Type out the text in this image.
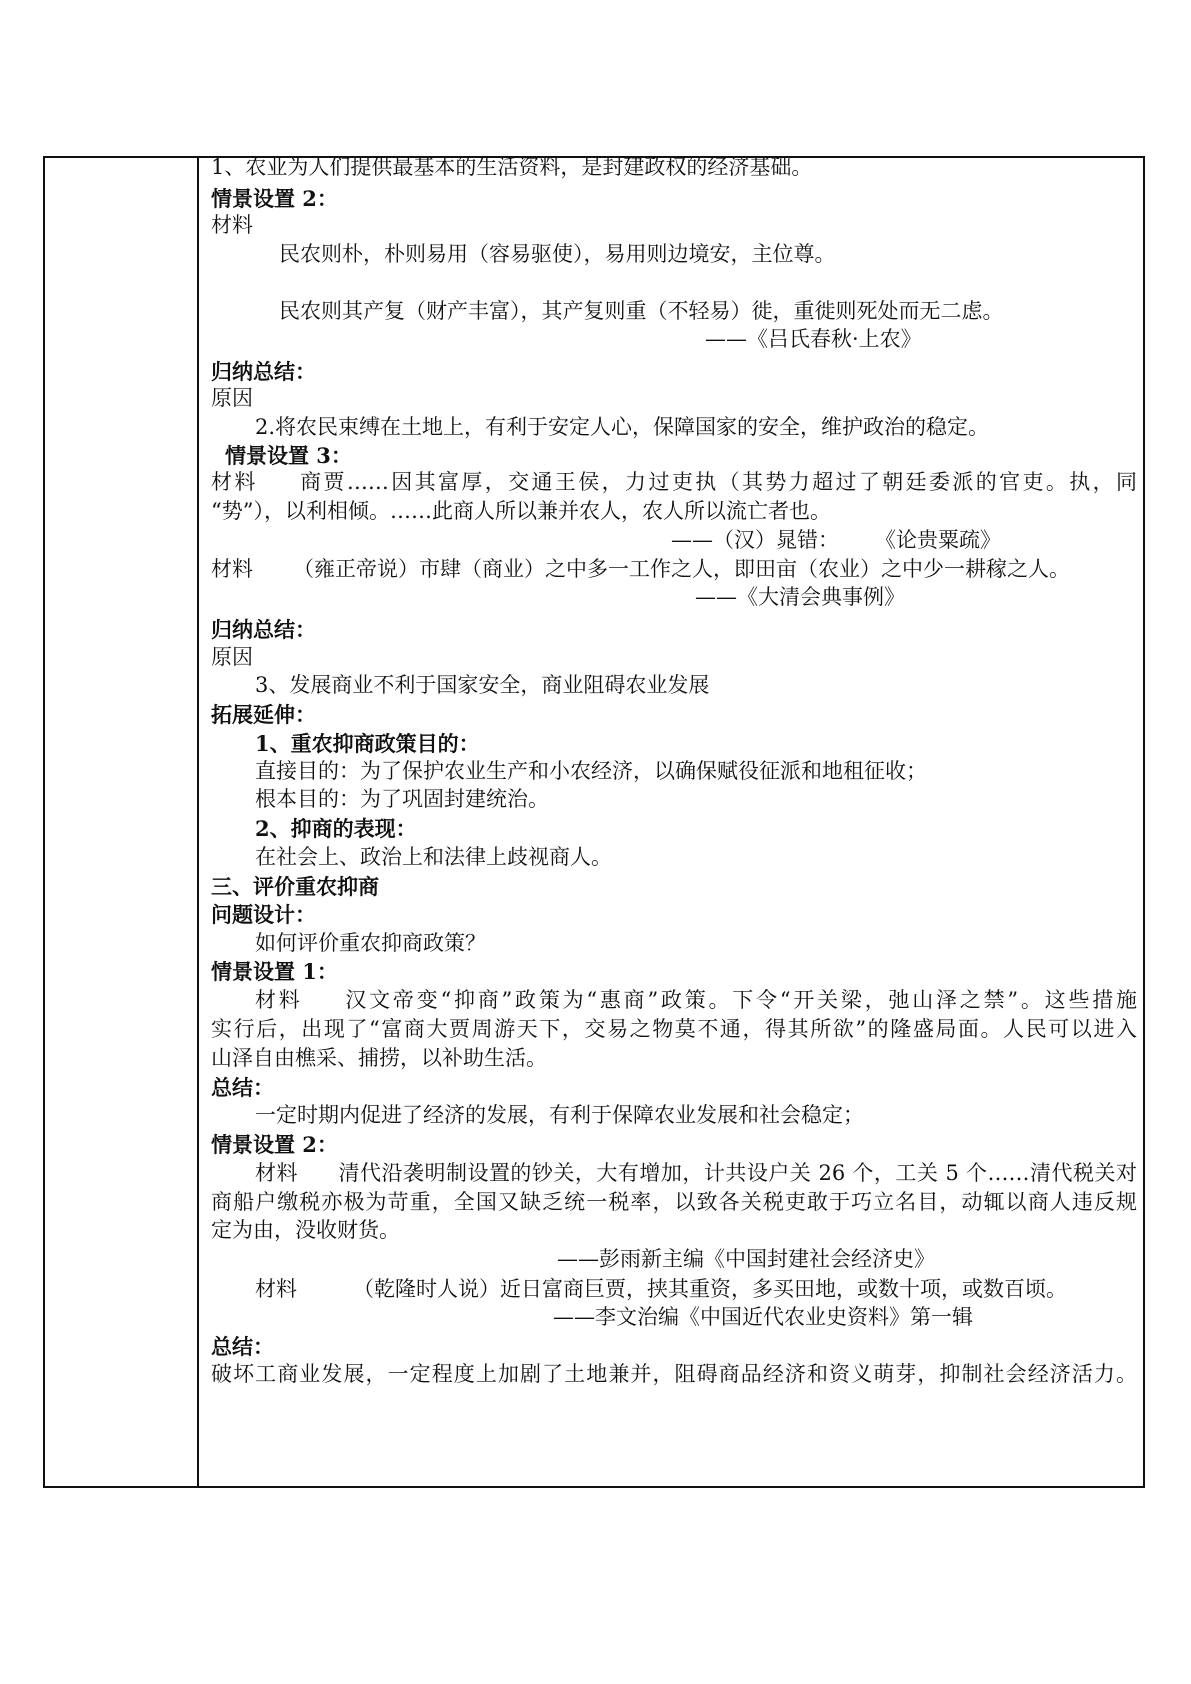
1、农业为人们提供最基本的生活资料，是封建政权的经济基础。
情景设置 2：
材料
民农则朴，朴则易用（容易驱使），易用则边境安，主位尊。
民农则其产复（财产丰富），其产复则重（不轻易）徙，重徙则死处而无二虑。
——《吕氏春秋·上农》
归纳总结：
原因
2.将农民束缚在土地上，有利于安定人心，保障国家的安全，维护政治的稳定。
情景设置 3：
材料 商贾……因其富厚，交通王侯，力过吏执（其势力超过了朝廷委派的官吏。执，同
“势”），以利相倾。……此商人所以兼并农人，农人所以流亡者也。
——（汉）晁错： 《论贵粟疏》
材料 （雍正帝说）市肆（商业）之中多一工作之人，即田亩（农业）之中少一耕稼之人。
——《大清会典事例》
归纳总结：
原因
3、发展商业不利于国家安全，商业阻碍农业发展
拓展延伸：
1、重农抑商政策目的：
直接目的：为了保护农业生产和小农经济，以确保赋役征派和地租征收；
根本目的：为了巩固封建统治。
2、抑商的表现：
在社会上、政治上和法律上歧视商人。
三、评价重农抑商
问题设计：
如何评价重农抑商政策？
情景设置 1：
材料 汉文帝变“抑商”政策为“惠商”政策。下令“开关梁，弛山泽之禁”。这些措施
实行后，出现了“富商大贾周游天下，交易之物莫不通，得其所欲”的隆盛局面。人民可以进入
山泽自由樵采、捕捞，以补助生活。
总结：
一定时期内促进了经济的发展，有利于保障农业发展和社会稳定；
情景设置 2：
材料 清代沿袭明制设置的钞关，大有增加，计共设户关 26 个，工关 5 个……清代税关对
商船户缴税亦极为苛重，全国又缺乏统一税率，以致各关税吏敢于巧立名目，动辄以商人违反规
定为由，没收财货。
——彭雨新主编《中国封建社会经济史》
材料	（乾隆时人说）近日富商巨贾，挟其重资，多买田地，或数十项，或数百顷。
——李文治编《中国近代农业史资料》第一辑
总结：
破坏工商业发展，一定程度上加剧了土地兼并，阻碍商品经济和资义萌芽，抑制社会经济活力。
